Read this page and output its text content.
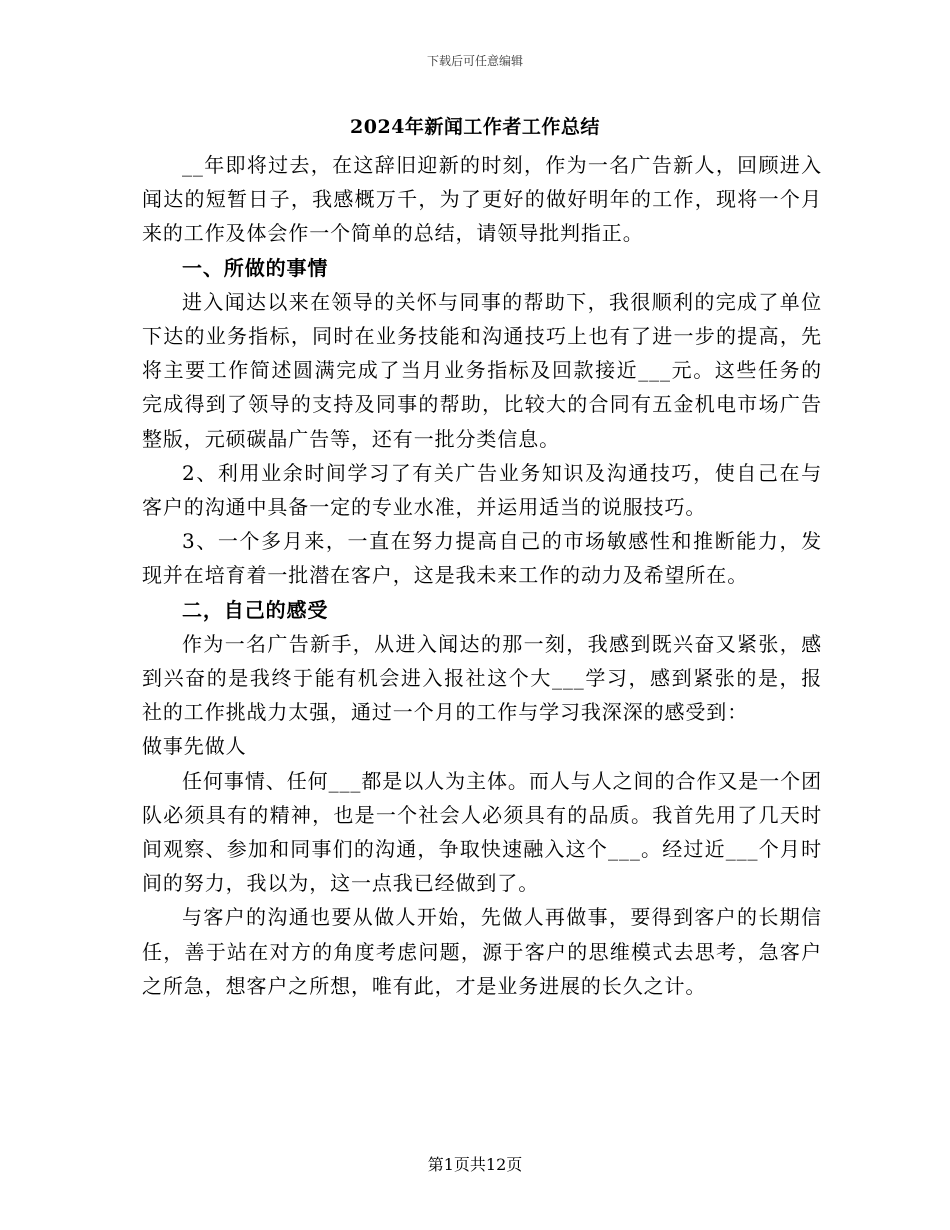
下载后可任意编辑
2024年新闻工作者工作总结

__年即将过去，在这辞旧迎新的时刻，作为一名广告新人，回顾进入闻达的短暂日子，我感概万千，为了更好的做好明年的工作，现将一个月来的工作及体会作一个简单的总结，请领导批判指正。

一、所做的事情

进入闻达以来在领导的关怀与同事的帮助下，我很顺利的完成了单位下达的业务指标，同时在业务技能和沟通技巧上也有了进一步的提高，先将主要工作简述圆满完成了当月业务指标及回款接近___元。这些任务的完成得到了领导的支持及同事的帮助，比较大的合同有五金机电市场广告整版，元硕碳晶广告等，还有一批分类信息。

2、利用业余时间学习了有关广告业务知识及沟通技巧，使自己在与客户的沟通中具备一定的专业水准，并运用适当的说服技巧。

3、一个多月来，一直在努力提高自己的市场敏感性和推断能力，发现并在培育着一批潜在客户，这是我未来工作的动力及希望所在。

二，自己的感受

作为一名广告新手，从进入闻达的那一刻，我感到既兴奋又紧张，感到兴奋的是我终于能有机会进入报社这个大___学习，感到紧张的是，报社的工作挑战力太强，通过一个月的工作与学习我深深的感受到：

做事先做人

任何事情、任何___都是以人为主体。而人与人之间的合作又是一个团队必须具有的精神，也是一个社会人必须具有的品质。我首先用了几天时间观察、参加和同事们的沟通，争取快速融入这个___。经过近___个月时间的努力，我以为，这一点我已经做到了。

与客户的沟通也要从做人开始，先做人再做事，要得到客户的长期信任，善于站在对方的角度考虑问题，源于客户的思维模式去思考，急客户之所急，想客户之所想，唯有此，才是业务进展的长久之计。

第1页共12页
